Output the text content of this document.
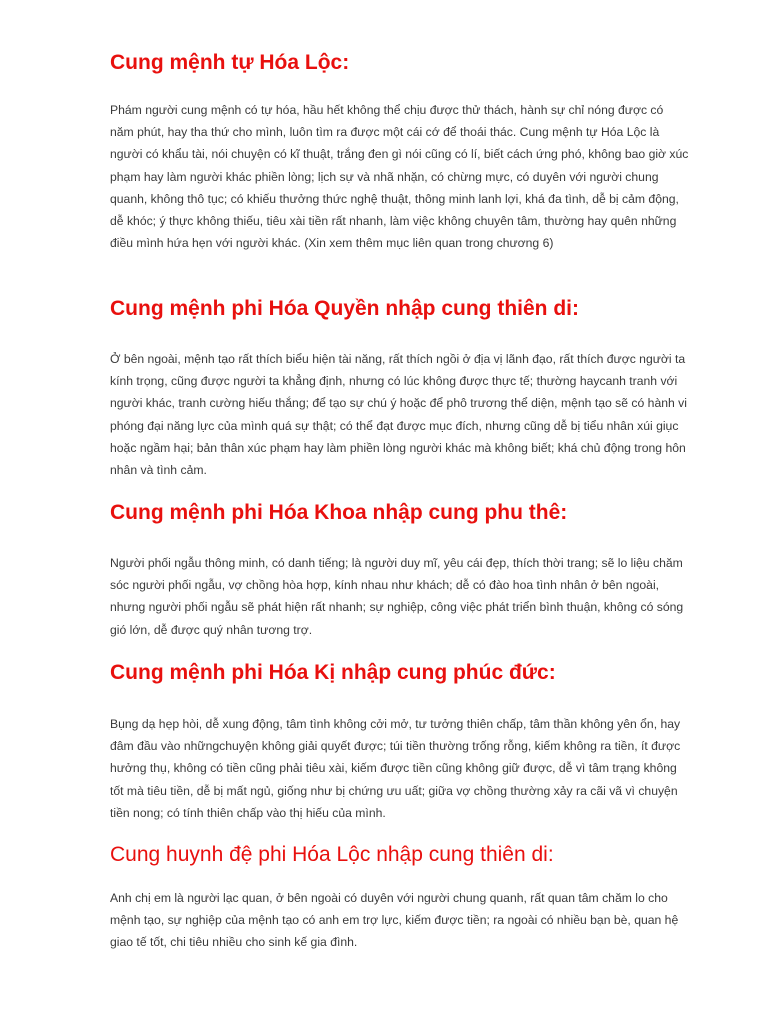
Cung mệnh tự Hóa Lộc:

Phám người cung mệnh có tự hóa, hầu hết không thể chịu được thử thách, hành sự chỉ nóng được có năm phút, hay tha thứ cho mình, luôn tìm ra được một cái cớ để thoái thác. Cung mệnh tự Hóa Lộc là người có khẩu tài, nói chuyện có kĩ thuật, trắng đen gì nói cũng có lí, biết cách ứng phó, không bao giờ xúc phạm hay làm người khác phiền lòng; lịch sự và nhã nhặn, có chừng mực, có duyên với người chung quanh, không thô tục; có khiếu thưởng thức nghệ thuật, thông minh lanh lợi, khá đa tình, dễ bị cảm động, dễ khóc; ý thực không thiếu, tiêu xài tiền rất nhanh, làm việc không chuyên tâm, thường hay quên những điều mình hứa hẹn với người khác. (Xin xem thêm mục liên quan trong chương 6)

Cung mệnh phi Hóa Quyền nhập cung thiên di:

Ở bên ngoài, mệnh tạo rất thích biểu hiện tài năng, rất thích ngồi ở địa vị lãnh đạo, rất thích được người ta kính trọng, cũng được người ta khẳng định, nhưng có lúc không được thực tế; thường haycanh tranh với người khác, tranh cường hiếu thắng; để tạo sự chú ý hoặc để phô trương thể diện, mệnh tạo sẽ có hành vi phóng đại năng lực của mình quá sự thật; có thể đạt được mục đích, nhưng cũng dễ bị tiểu nhân xúi giục hoặc ngầm hại; bản thân xúc phạm hay làm phiền lòng người khác mà không biết; khá chủ động trong hôn nhân và tình cảm.

Cung mệnh phi Hóa Khoa nhập cung phu thê:

Người phối ngẫu thông minh, có danh tiếng; là người duy mĩ, yêu cái đẹp, thích thời trang; sẽ lo liệu chăm sóc người phối ngẫu, vợ chồng hòa hợp, kính nhau như khách; dễ có đào hoa tình nhân ở bên ngoài, nhưng người phối ngẫu sẽ phát hiện rất nhanh; sự nghiệp, công việc phát triển bình thuận, không có sóng gió lớn, dễ được quý nhân tương trợ.

Cung mệnh phi Hóa Kị nhập cung phúc đức:

Bụng dạ hẹp hòi, dễ xung động, tâm tình không cởi mở, tư tưởng thiên chấp, tâm thần không yên ổn, hay đâm đầu vào nhữngchuyện không giải quyết được; túi tiền thường trống rỗng, kiếm không ra tiền, ít được hưởng thụ, không có tiền cũng phải tiêu xài, kiếm được tiền cũng không giữ được, dễ vì tâm trạng không tốt mà tiêu tiền, dễ bị mất ngủ, giống như bị chứng ưu uất; giữa vợ chồng thường xảy ra cãi vã vì chuyện tiền nong; có tính thiên chấp vào thị hiếu của mình.

Cung huynh đệ phi Hóa Lộc nhập cung thiên di:

Anh chị em là người lạc quan, ở bên ngoài có duyên với người chung quanh, rất quan tâm chăm lo cho mệnh tạo, sự nghiệp của mệnh tạo có anh em trợ lực, kiếm được tiền; ra ngoài có nhiều bạn bè, quan hệ giao tế tốt, chi tiêu nhiều cho sinh kế gia đình.
